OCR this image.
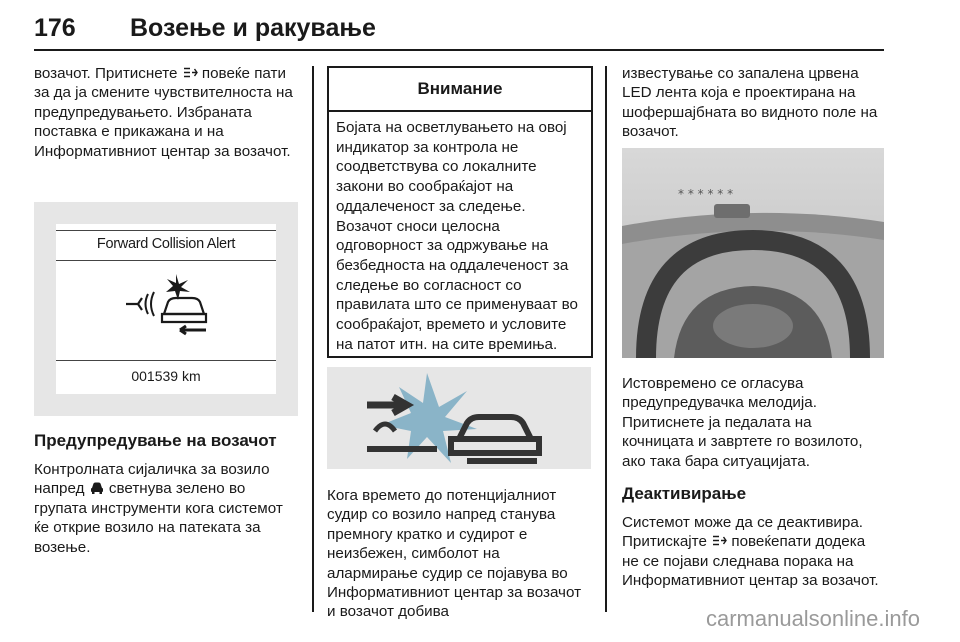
176 Возење и ракување

возачот. Притиснете  повеќе пати за да ја смените чувствителноста на предупредувањето. Избраната поставка е прикажана и на Информативниот центар за возачот.

Forward Collision Alert
001539 km
Предупредување на возачот

Контролната сијаличка за возило напред  светнува зелено во групата инструменти кога системот ќе открие возило на патеката за возење.

Внимание
Бојата на осветлувањето на овој индикатор за контрола не соодветствува со локалните закони во сообраќајот на оддалеченост за следење. Возачот сноси целосна одговорност за одржување на безбедноста на оддалеченост за следење во согласност со правилата што се применуваат во сообраќајот, времето и условите на патот итн. на сите времиња.

Кога времето до потенцијалниот судир со возило напред станува премногу кратко и судирот е неизбежен, симболот на алармирање судир се појавува во Информативниот центар за возачот и возачот добива

известување со запалена црвена LED лента која е проектирана на шофершајбната во видното поле на возачот.

* * * * * *

Истовремено се огласува предупредувачка мелодија. Притиснете ја педалата на кочницата и завртете го возилото, ако така бара ситуацијата.

Деактивирање

Системот може да се деактивира. Притискајте  повеќепати додека не се појави следнава порака на Информативниот центар за возачот.

carmanualsonline.info
